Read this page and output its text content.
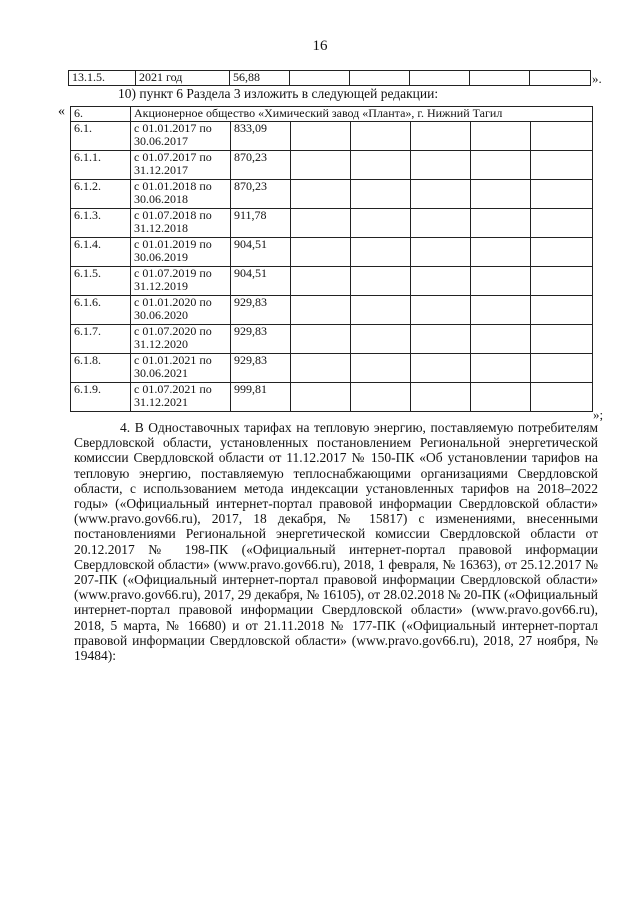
16
13.1.5.	2021 год	56,88						».
10) пункт 6 Раздела 3 изложить в следующей редакции:
« 6.	Акционерное общество «Химический завод «Планта», г. Нижний Тагил						
6.1.	с 01.01.2017 по 30.06.2017	833,09					
6.1.1.	с 01.07.2017 по 31.12.2017	870,23					
6.1.2.	с 01.01.2018 по 30.06.2018	870,23					
6.1.3.	с 01.07.2018 по 31.12.2018	911,78					
6.1.4.	с 01.01.2019 по 30.06.2019	904,51					
6.1.5.	с 01.07.2019 по 31.12.2019	904,51					
6.1.6.	с 01.01.2020 по 30.06.2020	929,83					
6.1.7.	с 01.07.2020 по 31.12.2020	929,83					
6.1.8.	с 01.01.2021 по 30.06.2021	929,83					
6.1.9.	с 01.07.2021 по 31.12.2021	999,81					
»;
4. В Одноставочных тарифах на тепловую энергию, поставляемую потребителям Свердловской области, установленных постановлением Региональной энергетической комиссии Свердловской области от 11.12.2017 № 150-ПК «Об установлении тарифов на тепловую энергию, поставляемую теплоснабжающими организациями Свердловской области, с использованием метода индексации установленных тарифов на 2018–2022 годы» («Официальный интернет-портал правовой информации Свердловской области» (www.pravo.gov66.ru), 2017, 18 декабря, № 15817) с изменениями, внесенными постановлениями Региональной энергетической комиссии Свердловской области от 20.12.2017 № 198-ПК («Официальный интернет-портал правовой информации Свердловской области» (www.pravo.gov66.ru), 2018, 1 февраля, № 16363), от 25.12.2017 № 207-ПК («Официальный интернет-портал правовой информации Свердловской области» (www.pravo.gov66.ru), 2017, 29 декабря, № 16105), от 28.02.2018 № 20-ПК («Официальный интернет-портал правовой информации Свердловской области» (www.pravo.gov66.ru), 2018, 5 марта, № 16680) и от 21.11.2018 № 177-ПК («Официальный интернет-портал правовой информации Свердловской области» (www.pravo.gov66.ru), 2018, 27 ноября, № 19484):
